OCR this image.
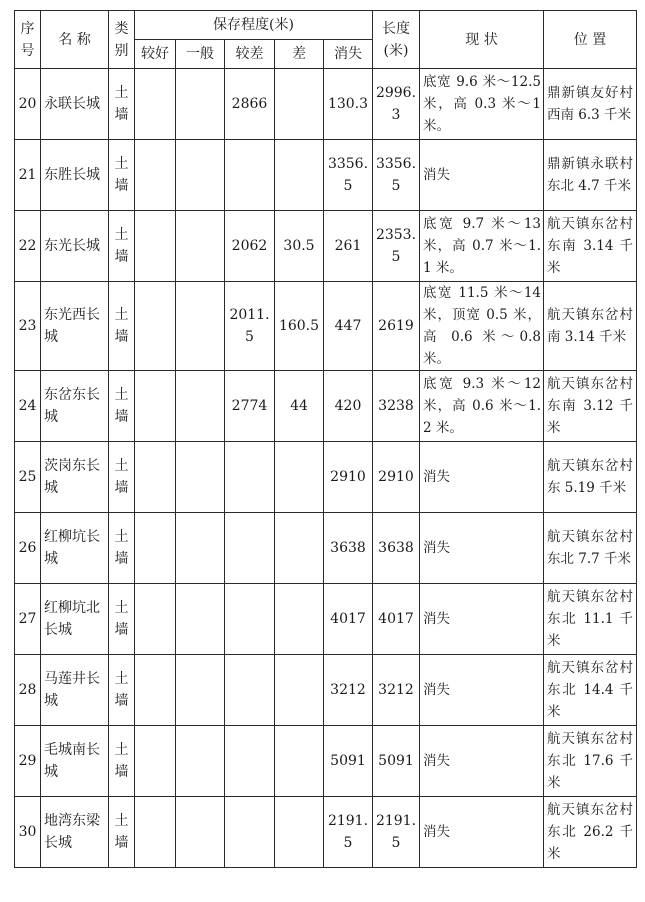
序号	名 称	类别	保存程度(米)					长度(米)	现 状	位 置
			较好	一般	较差	差	消失			
20	永联长城	土墙			2866		130.3	2996.3	底宽 9.6 米～12.5 米，高 0.3 米～1 米。	鼎新镇友好村西南 6.3 千米
21	东胜长城	土墙					3356.5	3356.5	消失	鼎新镇永联村东北 4.7 千米
22	东光长城	土墙			2062	30.5	261	2353.5	底宽 9.7 米～13 米，高 0.7 米～1.1 米。	航天镇东岔村东南 3.14 千米
23	东光西长城	土墙			2011.5	160.5	447	2619	底宽 11.5 米～14 米，顶宽 0.5 米，高 0.6 米～0.8 米。	航天镇东岔村南 3.14 千米
24	东岔东长城	土墙			2774	44	420	3238	底宽 9.3 米～12 米，高 0.6 米～1.2 米。	航天镇东岔村东南 3.12 千米
25	茨岗东长城	土墙					2910	2910	消失	航天镇东岔村东 5.19 千米
26	红柳坑长城	土墙					3638	3638	消失	航天镇东岔村东北 7.7 千米
27	红柳坑北长城	土墙					4017	4017	消失	航天镇东岔村东北 11.1 千米
28	马莲井长城	土墙					3212	3212	消失	航天镇东岔村东北 14.4 千米
29	毛城南长城	土墙					5091	5091	消失	航天镇东岔村东北 17.6 千米
30	地湾东梁长城	土墙					2191.5	2191.5	消失	航天镇东岔村东北 26.2 千米
